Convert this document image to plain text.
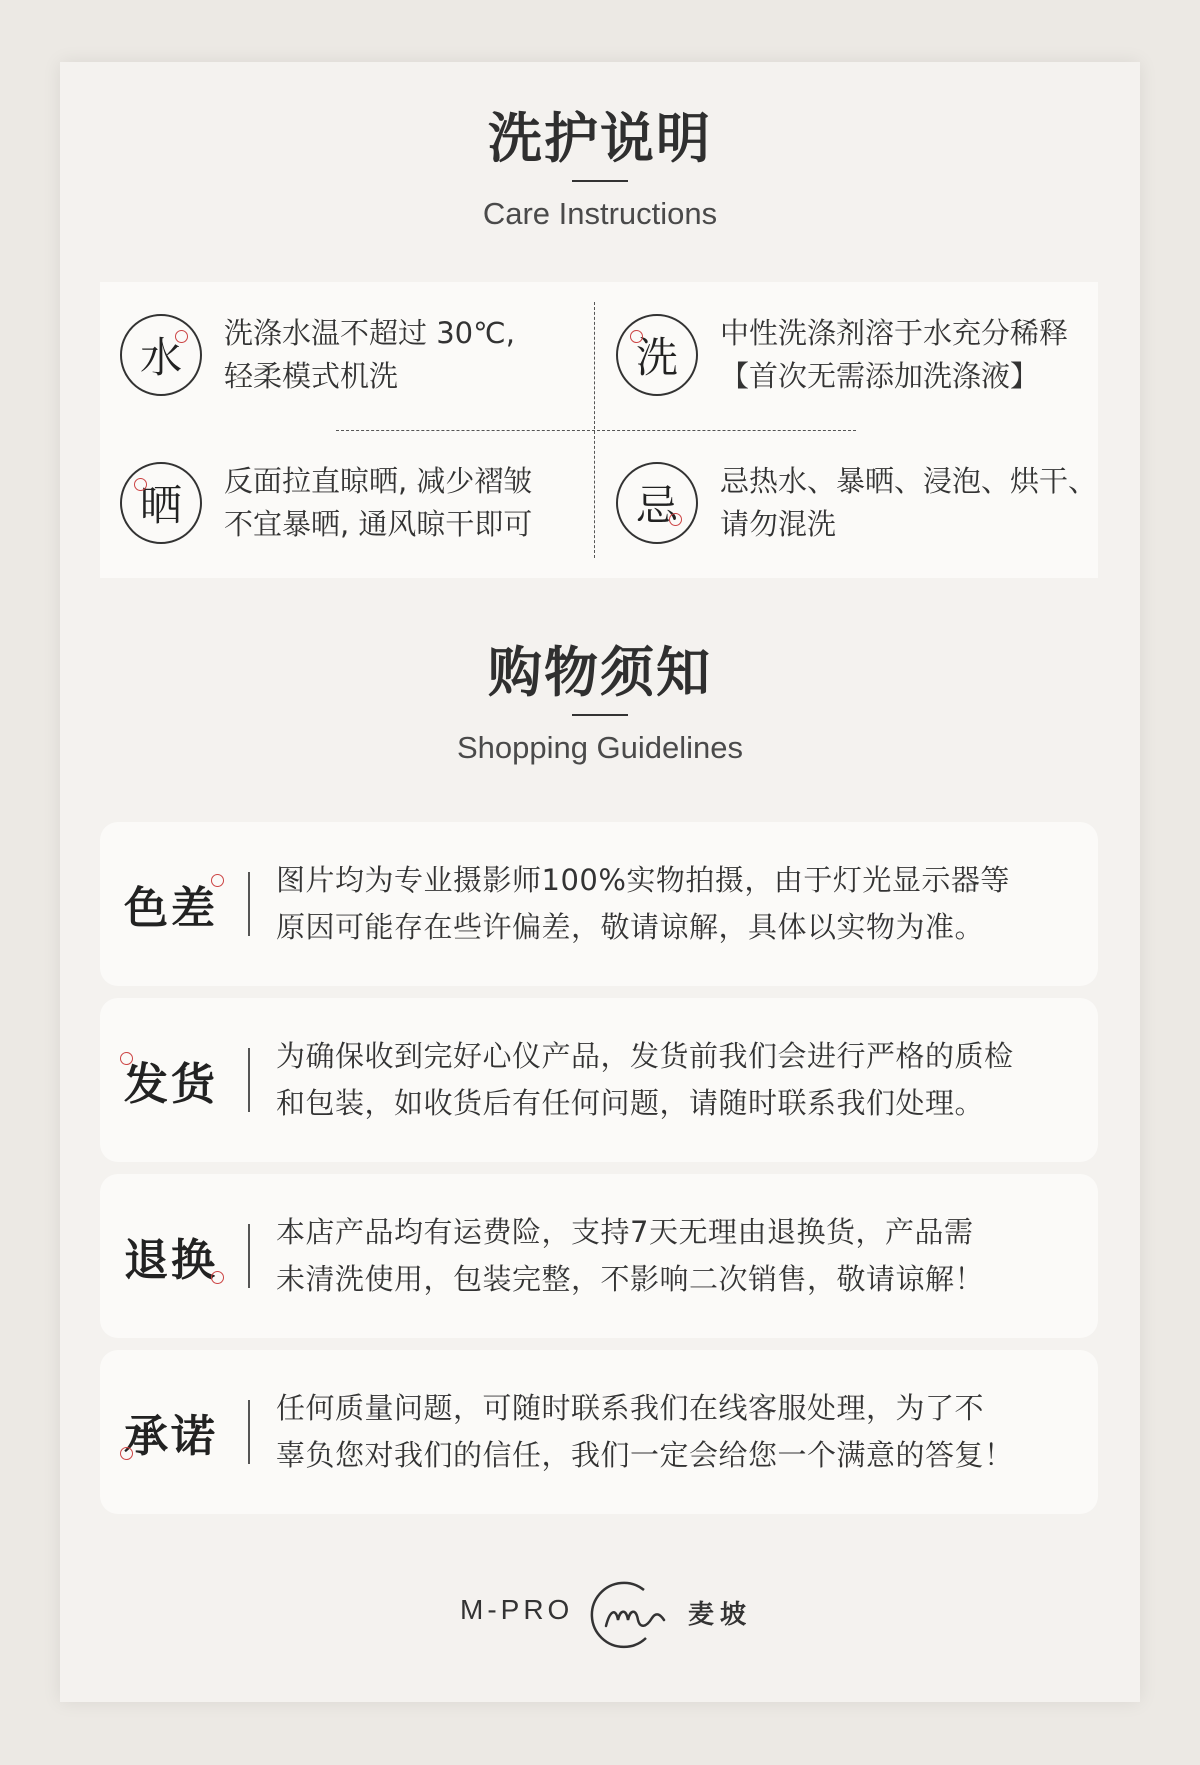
洗护说明
Care Instructions
水 洗涤水温不超过 30℃,
轻柔模式机洗	洗 中性洗涤剂溶于水充分稀释
【首次无需添加洗涤液】
晒 反面拉直晾晒, 减少褶皱
不宜暴晒, 通风晾干即可 忌 忌热水、暴晒、浸泡、烘干、
请勿混洗
购物须知
Shopping Guidelines
色差
图片均为专业摄影师100%实物拍摄，由于灯光显示器等
原因可能存在些许偏差，敬请谅解，具体以实物为准。
发货
为确保收到完好心仪产品，发货前我们会进行严格的质检
和包装，如收货后有任何问题，请随时联系我们处理。
退换
本店产品均有运费险，支持7天无理由退换货，产品需
未清洗使用，包装完整，不影响二次销售，敬请谅解！
承诺
任何质量问题，可随时联系我们在线客服处理，为了不
辜负您对我们的信任，我们一定会给您一个满意的答复！
M-PRO	麦坡
